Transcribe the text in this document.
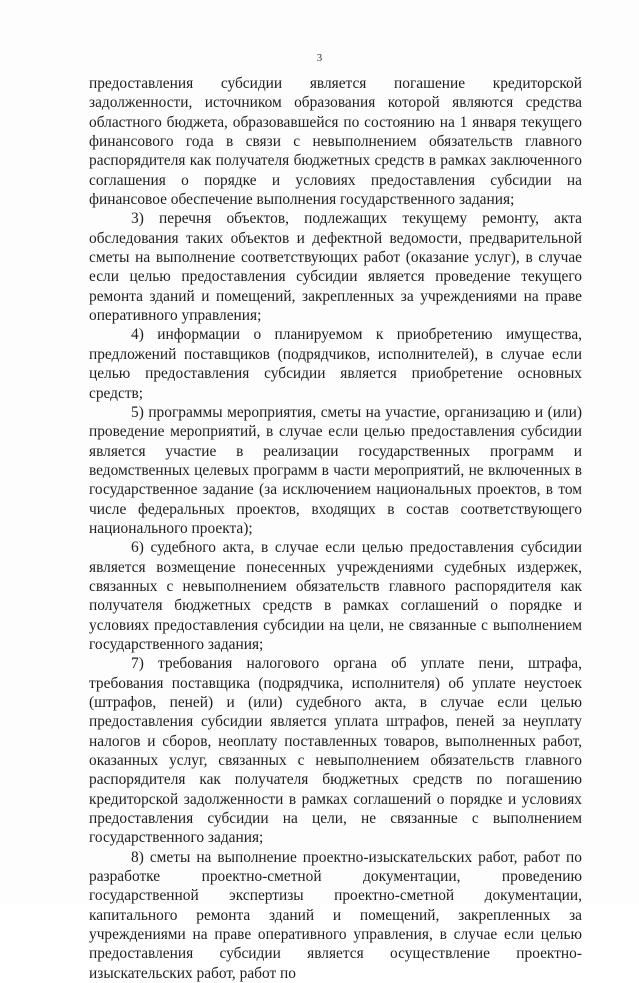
3

предоставления субсидии является погашение кредиторской задолженности, источником образования которой являются средства областного бюджета, образовавшейся по состоянию на 1 января текущего финансового года в связи с невыполнением обязательств главного распорядителя как получателя бюджетных средств в рамках заключенного соглашения о порядке и условиях предоставления субсидии на финансовое обеспечение выполнения государственного задания;

3) перечня объектов, подлежащих текущему ремонту, акта обследования таких объектов и дефектной ведомости, предварительной сметы на выполнение соответствующих работ (оказание услуг), в случае если целью предоставления субсидии является проведение текущего ремонта зданий и помещений, закрепленных за учреждениями на праве оперативного управления;

4) информации о планируемом к приобретению имущества, предложений поставщиков (подрядчиков, исполнителей), в случае если целью предоставления субсидии является приобретение основных средств;

5) программы мероприятия, сметы на участие, организацию и (или) проведение мероприятий, в случае если целью предоставления субсидии является участие в реализации государственных программ и ведомственных целевых программ в части мероприятий, не включенных в государственное задание (за исключением национальных проектов, в том числе федеральных проектов, входящих в состав соответствующего национального проекта);

6) судебного акта, в случае если целью предоставления субсидии является возмещение понесенных учреждениями судебных издержек, связанных с невыполнением обязательств главного распорядителя как получателя бюджетных средств в рамках соглашений о порядке и условиях предоставления субсидии на цели, не связанные с выполнением государственного задания;

7) требования налогового органа об уплате пени, штрафа, требования поставщика (подрядчика, исполнителя) об уплате неустоек (штрафов, пеней) и (или) судебного акта, в случае если целью предоставления субсидии является уплата штрафов, пеней за неуплату налогов и сборов, неоплату поставленных товаров, выполненных работ, оказанных услуг, связанных с невыполнением обязательств главного распорядителя как получателя бюджетных средств по погашению кредиторской задолженности в рамках соглашений о порядке и условиях предоставления субсидии на цели, не связанные с выполнением государственного задания;

8) сметы на выполнение проектно-изыскательских работ, работ по разработке проектно-сметной документации, проведению государственной экспертизы проектно-сметной документации, капитального ремонта зданий и помещений, закрепленных за учреждениями на праве оперативного управления, в случае если целью предоставления субсидии является осуществление проектно-изыскательских работ, работ по
